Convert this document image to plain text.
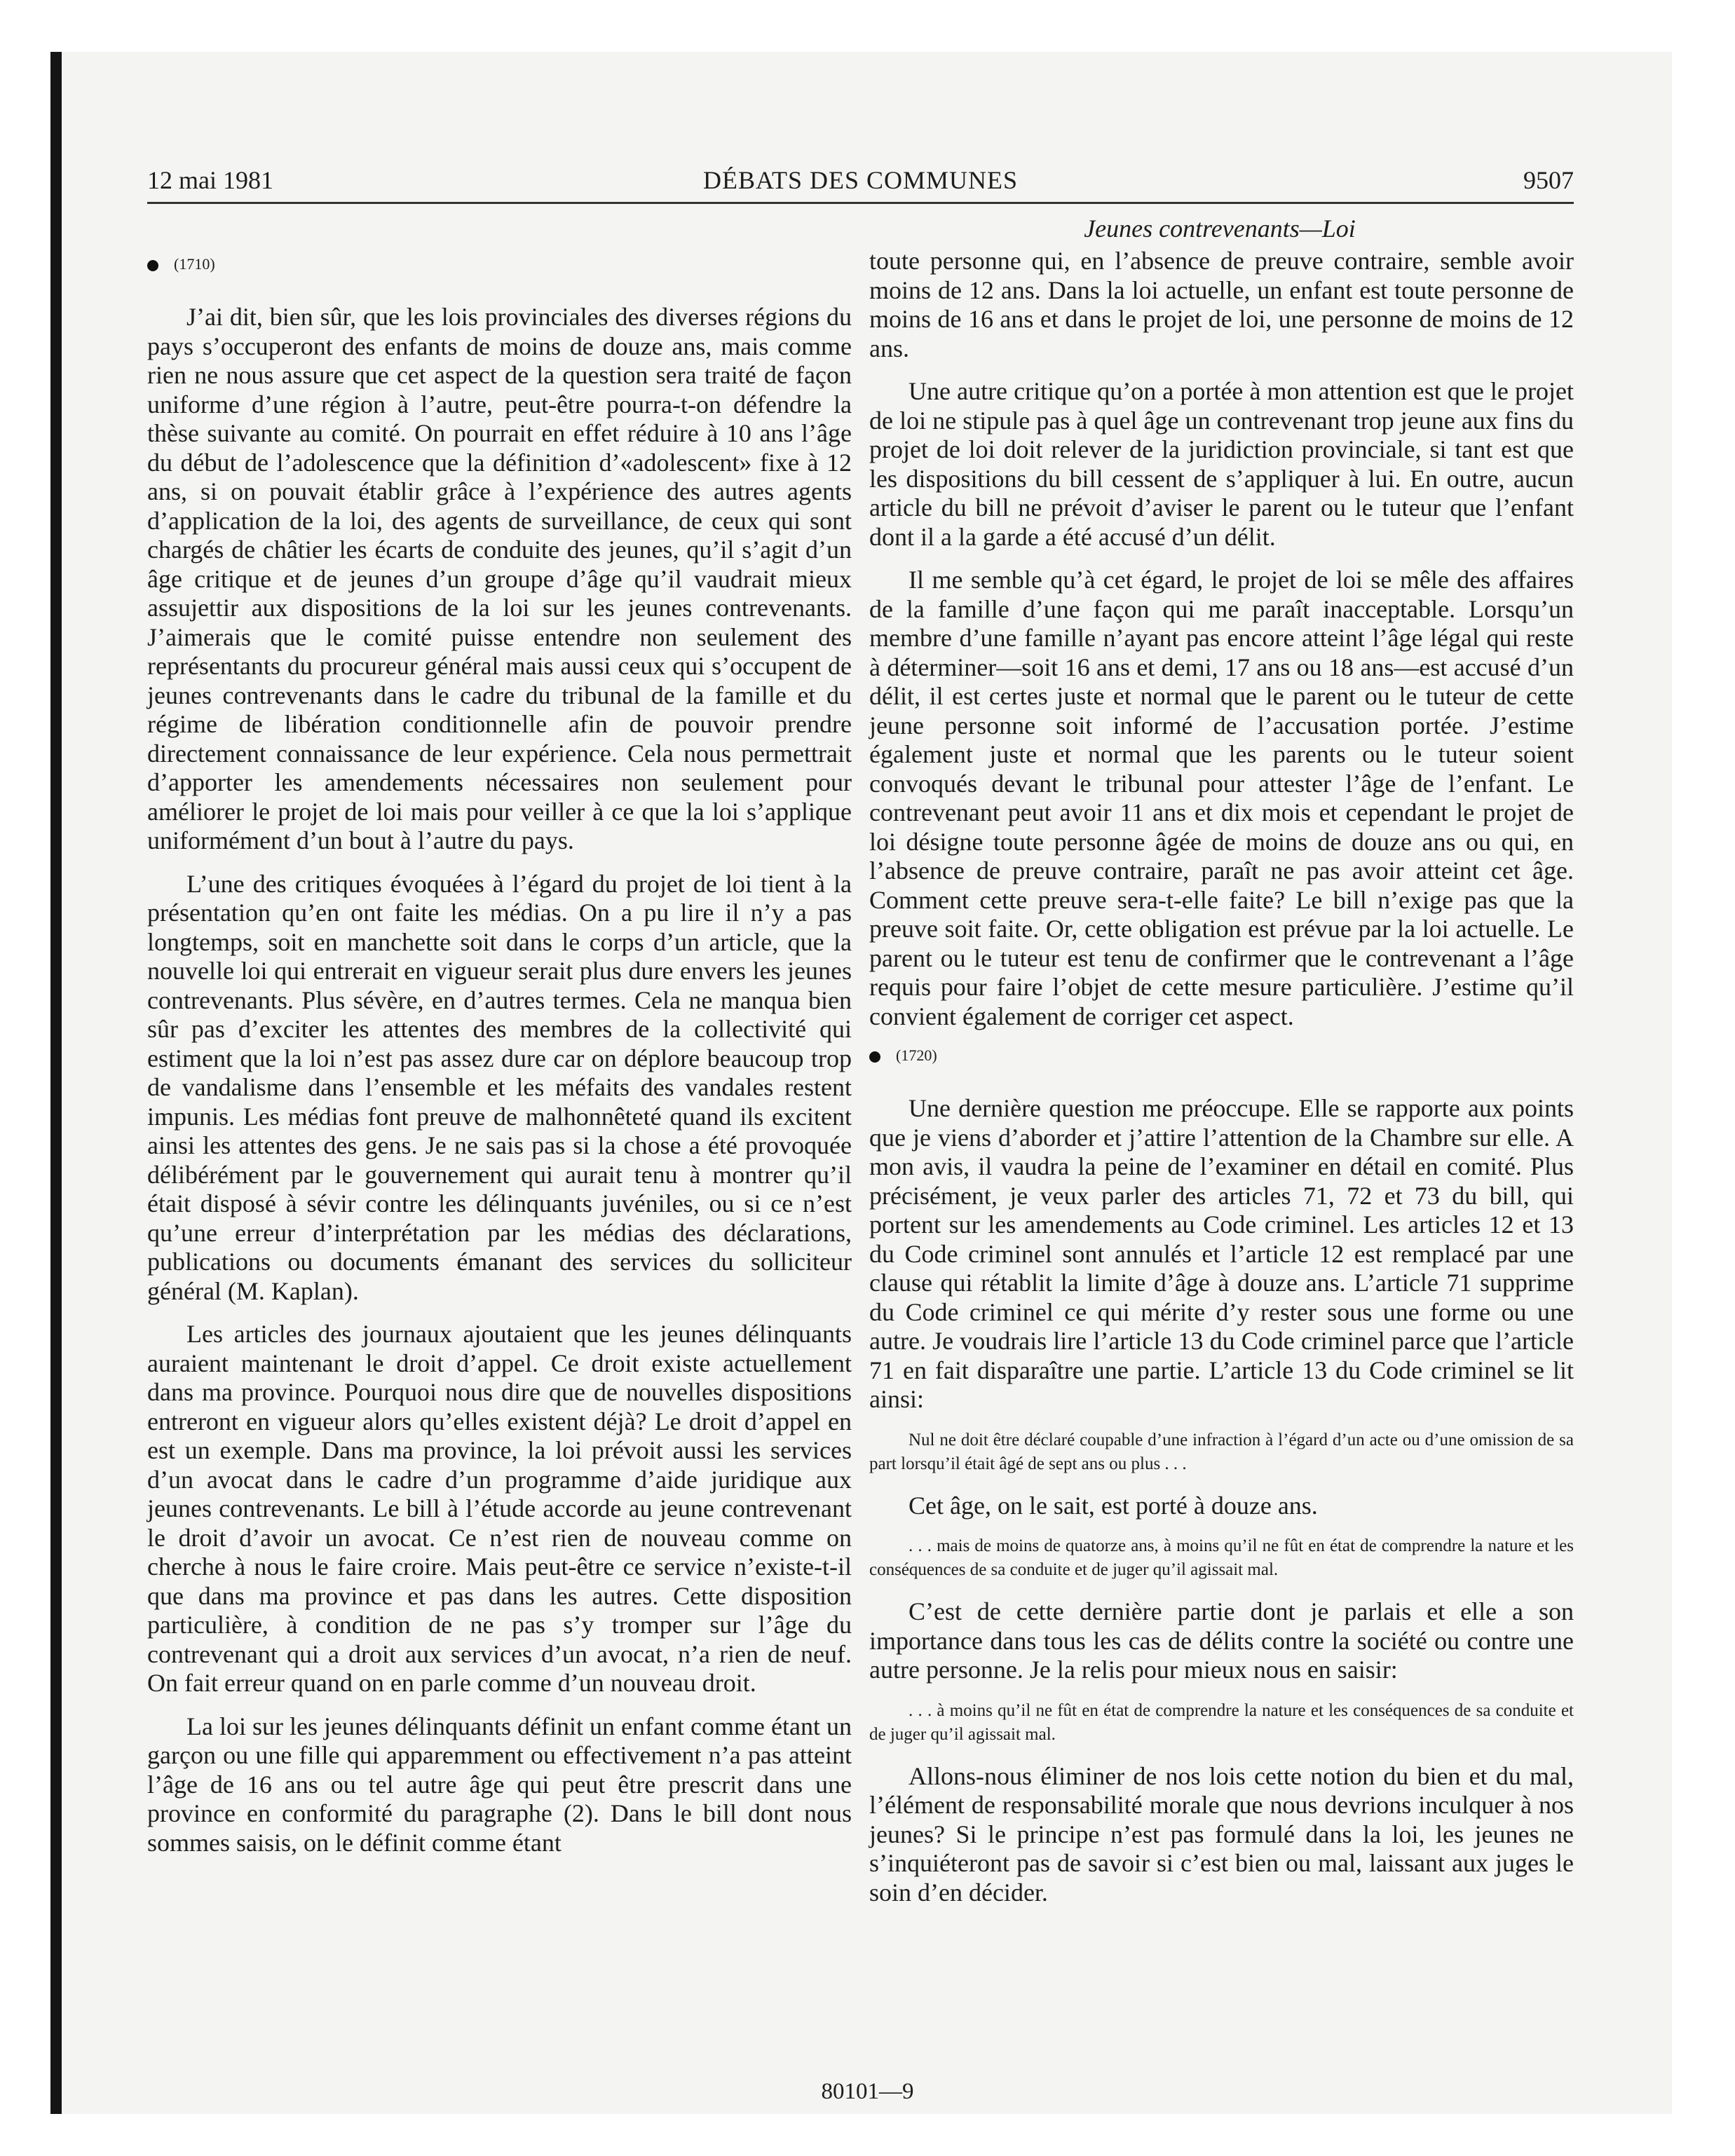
12 mai 1981	DÉBATS DES COMMUNES	9507
Jeunes contrevenants—Loi
(1710)

J’ai dit, bien sûr, que les lois provinciales des diverses régions du pays s’occuperont des enfants de moins de douze ans, mais comme rien ne nous assure que cet aspect de la question sera traité de façon uniforme d’une région à l’autre, peut-être pourra-t-on défendre la thèse suivante au comité. On pourrait en effet réduire à 10 ans l’âge du début de l’adolescence que la définition d’«adolescent» fixe à 12 ans, si on pouvait établir grâce à l’expérience des autres agents d’application de la loi, des agents de surveillance, de ceux qui sont chargés de châtier les écarts de conduite des jeunes, qu’il s’agit d’un âge critique et de jeunes d’un groupe d’âge qu’il vaudrait mieux assujettir aux dispositions de la loi sur les jeunes contrevenants. J’aimerais que le comité puisse entendre non seulement des représentants du procureur général mais aussi ceux qui s’occupent de jeunes contrevenants dans le cadre du tribunal de la famille et du régime de libération conditionnelle afin de pouvoir prendre directement connaissance de leur expérience. Cela nous permettrait d’apporter les amendements nécessaires non seulement pour améliorer le projet de loi mais pour veiller à ce que la loi s’applique uniformément d’un bout à l’autre du pays.

L’une des critiques évoquées à l’égard du projet de loi tient à la présentation qu’en ont faite les médias. On a pu lire il n’y a pas longtemps, soit en manchette soit dans le corps d’un article, que la nouvelle loi qui entrerait en vigueur serait plus dure envers les jeunes contrevenants. Plus sévère, en d’autres termes. Cela ne manqua bien sûr pas d’exciter les attentes des membres de la collectivité qui estiment que la loi n’est pas assez dure car on déplore beaucoup trop de vandalisme dans l’ensemble et les méfaits des vandales restent impunis. Les médias font preuve de malhonnêteté quand ils excitent ainsi les attentes des gens. Je ne sais pas si la chose a été provoquée délibérément par le gouvernement qui aurait tenu à montrer qu’il était disposé à sévir contre les délinquants juvéniles, ou si ce n’est qu’une erreur d’interprétation par les médias des déclarations, publications ou documents émanant des services du solliciteur général (M. Kaplan).

Les articles des journaux ajoutaient que les jeunes délinquants auraient maintenant le droit d’appel. Ce droit existe actuellement dans ma province. Pourquoi nous dire que de nouvelles dispositions entreront en vigueur alors qu’elles existent déjà? Le droit d’appel en est un exemple. Dans ma province, la loi prévoit aussi les services d’un avocat dans le cadre d’un programme d’aide juridique aux jeunes contrevenants. Le bill à l’étude accorde au jeune contrevenant le droit d’avoir un avocat. Ce n’est rien de nouveau comme on cherche à nous le faire croire. Mais peut-être ce service n’existe-t-il que dans ma province et pas dans les autres. Cette disposition particulière, à condition de ne pas s’y tromper sur l’âge du contrevenant qui a droit aux services d’un avocat, n’a rien de neuf. On fait erreur quand on en parle comme d’un nouveau droit.

La loi sur les jeunes délinquants définit un enfant comme étant un garçon ou une fille qui apparemment ou effectivement n’a pas atteint l’âge de 16 ans ou tel autre âge qui peut être prescrit dans une province en conformité du paragraphe (2). Dans le bill dont nous sommes saisis, on le définit comme étant

toute personne qui, en l’absence de preuve contraire, semble avoir moins de 12 ans. Dans la loi actuelle, un enfant est toute personne de moins de 16 ans et dans le projet de loi, une personne de moins de 12 ans.

Une autre critique qu’on a portée à mon attention est que le projet de loi ne stipule pas à quel âge un contrevenant trop jeune aux fins du projet de loi doit relever de la juridiction provinciale, si tant est que les dispositions du bill cessent de s’appliquer à lui. En outre, aucun article du bill ne prévoit d’aviser le parent ou le tuteur que l’enfant dont il a la garde a été accusé d’un délit.

Il me semble qu’à cet égard, le projet de loi se mêle des affaires de la famille d’une façon qui me paraît inacceptable. Lorsqu’un membre d’une famille n’ayant pas encore atteint l’âge légal qui reste à déterminer—soit 16 ans et demi, 17 ans ou 18 ans—est accusé d’un délit, il est certes juste et normal que le parent ou le tuteur de cette jeune personne soit informé de l’accusation portée. J’estime également juste et normal que les parents ou le tuteur soient convoqués devant le tribunal pour attester l’âge de l’enfant. Le contrevenant peut avoir 11 ans et dix mois et cependant le projet de loi désigne toute personne âgée de moins de douze ans ou qui, en l’absence de preuve contraire, paraît ne pas avoir atteint cet âge. Comment cette preuve sera-t-elle faite? Le bill n’exige pas que la preuve soit faite. Or, cette obligation est prévue par la loi actuelle. Le parent ou le tuteur est tenu de confirmer que le contrevenant a l’âge requis pour faire l’objet de cette mesure particulière. J’estime qu’il convient également de corriger cet aspect.

(1720)

Une dernière question me préoccupe. Elle se rapporte aux points que je viens d’aborder et j’attire l’attention de la Chambre sur elle. A mon avis, il vaudra la peine de l’examiner en détail en comité. Plus précisément, je veux parler des articles 71, 72 et 73 du bill, qui portent sur les amendements au Code criminel. Les articles 12 et 13 du Code criminel sont annulés et l’article 12 est remplacé par une clause qui rétablit la limite d’âge à douze ans. L’article 71 supprime du Code criminel ce qui mérite d’y rester sous une forme ou une autre. Je voudrais lire l’article 13 du Code criminel parce que l’article 71 en fait disparaître une partie. L’article 13 du Code criminel se lit ainsi:

Nul ne doit être déclaré coupable d’une infraction à l’égard d’un acte ou d’une omission de sa part lorsqu’il était âgé de sept ans ou plus . . .

Cet âge, on le sait, est porté à douze ans.

. . . mais de moins de quatorze ans, à moins qu’il ne fût en état de comprendre la nature et les conséquences de sa conduite et de juger qu’il agissait mal.

C’est de cette dernière partie dont je parlais et elle a son importance dans tous les cas de délits contre la société ou contre une autre personne. Je la relis pour mieux nous en saisir:

. . . à moins qu’il ne fût en état de comprendre la nature et les conséquences de sa conduite et de juger qu’il agissait mal.

Allons-nous éliminer de nos lois cette notion du bien et du mal, l’élément de responsabilité morale que nous devrions inculquer à nos jeunes? Si le principe n’est pas formulé dans la loi, les jeunes ne s’inquiéteront pas de savoir si c’est bien ou mal, laissant aux juges le soin d’en décider.

80101—9
